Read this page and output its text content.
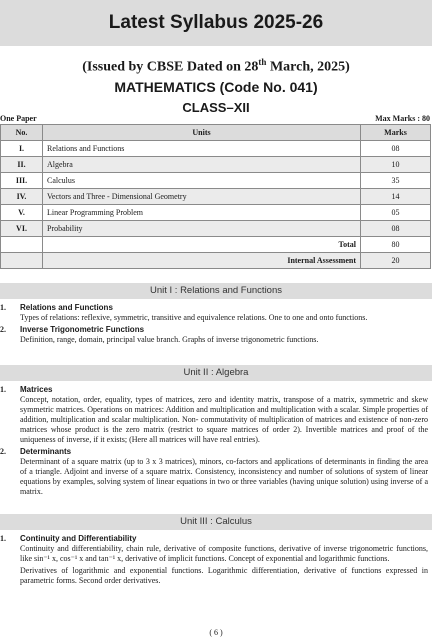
Latest Syllabus 2025-26
(Issued by CBSE Dated on 28th March, 2025)
MATHEMATICS (Code No. 041)
CLASS–XII
One Paper	Max Marks : 80
No.	Units	Marks
I.	Relations and Functions	08
II.	Algebra	10
III.	Calculus	35
IV.	Vectors and Three - Dimensional Geometry	14
V.	Linear Programming Problem	05
VI.	Probability	08
	Total	80
	Internal Assessment	20
Unit I : Relations and Functions
1. Relations and Functions

Types of relations: reflexive, symmetric, transitive and equivalence relations. One to one and onto functions.

2. Inverse Trigonometric Functions

Definition, range, domain, principal value branch. Graphs of inverse trigonometric functions.

Unit II : Algebra
1. Matrices

Concept, notation, order, equality, types of matrices, zero and identity matrix, transpose of a matrix, symmetric and skew symmetric matrices. Operations on matrices: Addition and multiplication and multiplication with a scalar. Simple properties of addition, multiplication and scalar multiplication. Non- commutativity of multiplication of matrices and existence of non-zero matrices whose product is the zero matrix (restrict to square matrices of order 2). Invertible matrices and proof of the uniqueness of inverse, if it exists; (Here all matrices will have real entries).

2. Determinants

Determinant of a square matrix (up to 3 x 3 matrices), minors, co-factors and applications of determinants in finding the area of a triangle. Adjoint and inverse of a square matrix. Consistency, inconsistency and number of solutions of system of linear equations by examples, solving system of linear equations in two or three variables (having unique solution) using inverse of a matrix.

Unit III : Calculus
1. Continuity and Differentiability

Continuity and differentiability, chain rule, derivative of composite functions, derivative of inverse trigonometric functions, like sin⁻¹ x, cos⁻¹ x and tan⁻¹ x, derivative of implicit functions. Concept of exponential and logarithmic functions.

Derivatives of logarithmic and exponential functions. Logarithmic differentiation, derivative of functions expressed in parametric forms. Second order derivatives.

( 6 )
